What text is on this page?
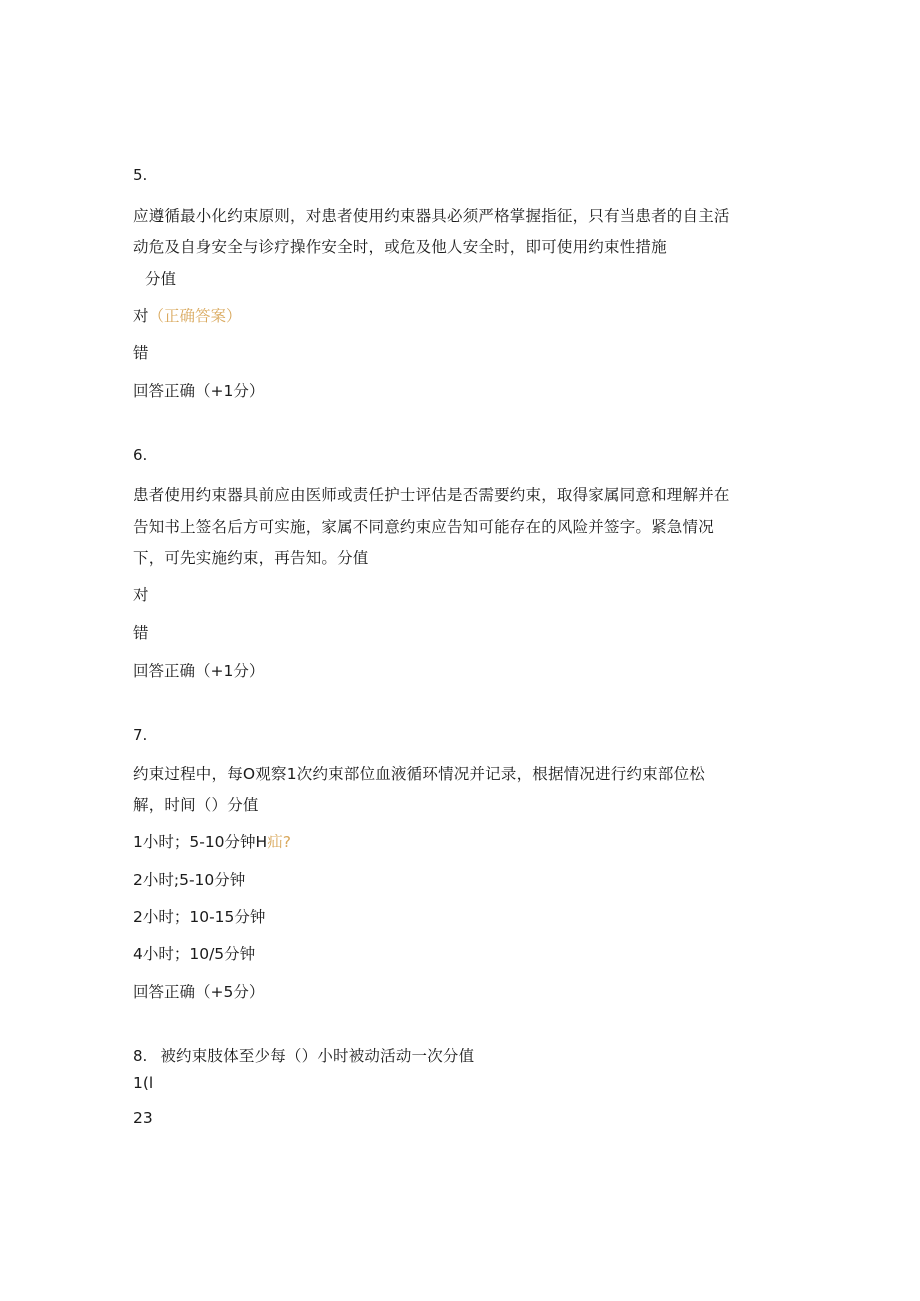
5.
应遵循最小化约束原则，对患者使用约束器具必须严格掌握指征，只有当患者的自主活
动危及自身安全与诊疗操作安全时，或危及他人安全时，即可使用约束性措施
分值
对（正确答案）
错
回答正确（+1分）
6.
患者使用约束器具前应由医师或责任护士评估是否需要约束，取得家属同意和理解并在
告知书上签名后方可实施，家属不同意约束应告知可能存在的风险并签字。紧急情况
下，可先实施约束，再告知。分值
对
错
回答正确（+1分）
7.
约束过程中，每O观察1次约束部位血液循环情况并记录，根据情况进行约束部位松
解，时间（）分值
1小时；5-10分钟H疝?
2小时;5-10分钟
2小时；10-15分钟
4小时；10/5分钟
回答正确（+5分）
8. 被约束肢体至少每（）小时被动活动一次分值
1(l
23
